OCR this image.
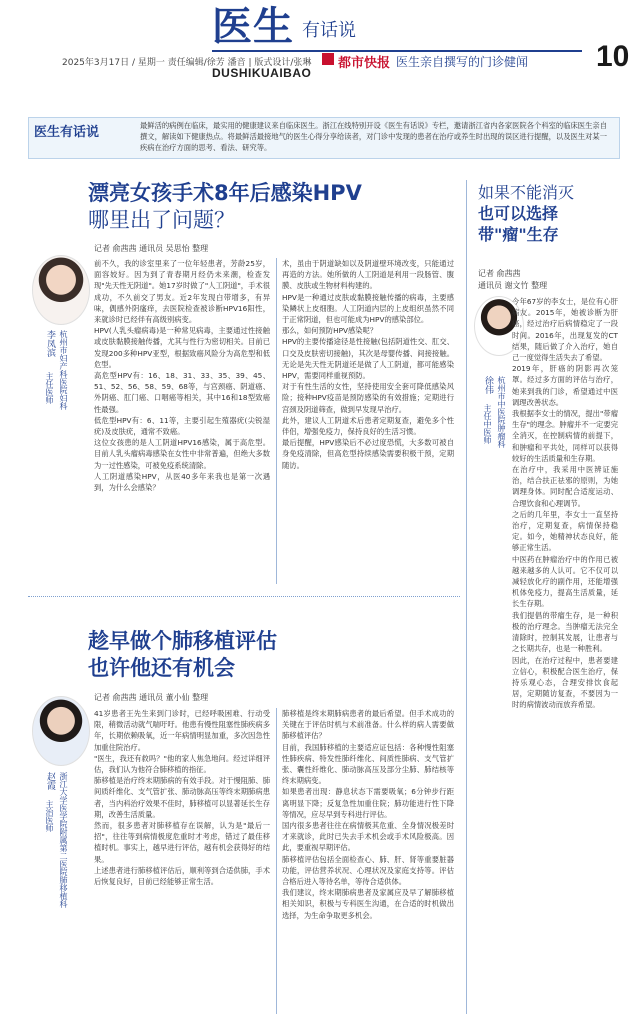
医生 有话说
2025年3月17日 / 星期一 责任编辑/徐芳 潘音 | 版式设计/张琳
DUSHIKUAIBAO
都市快报 医生亲自撰写的门诊健闻 10
医生有话说	最鲜活的病例在临床，最实用的健康建议来自临床医生。浙江在线特别开设《医生有话说》专栏，邀请浙江省内各家医院各个科室的临床医生亲自撰文，解读如下健康热点。将最鲜活最接地气的医生心得分享给读者，对门诊中发现的患者在治疗或养生时出现的误区进行提醒，以及医生对某一疾病在治疗方面的思考、看法、研究等。
漂亮女孩手术8年后感染HPV
哪里出了问题？
记者 俞茜茜 通讯员 吴思怡 整理
李凤滨
主任医师 杭州市妇产科医院妇科
前不久，我的诊室里来了一位年轻患者，芳龄25岁，面容姣好。因为到了青春期月经仍未来潮，检查发现"先天性无阴道"。她17岁时做了"人工阴道"，手术很成功，不久前交了男友。近2年发现白带增多，有异味，偶感外阴瘙痒，去医院检查被诊断HPV16阳性，来就诊时已经伴有高级别病变。
HPV(人乳头瘤病毒)是一种常见病毒，主要通过性接触或皮肤黏膜接触传播，尤其与性行为密切相关。目前已发现200多种HPV亚型，根据致癌风险分为高危型和低危型。
高危型HPV有：16、18、31、33、35、39、45、51、52、56、58、59、68等，与宫颈癌、阴道癌、外阴癌、肛门癌、口咽癌等相关，其中16和18型致癌性最强。
低危型HPV有：6、11等，主要引起生殖器疣(尖锐湿疣)及皮肤疣，通常不致癌。
这位女孩患的是人工阴道HPV16感染，属于高危型。目前人乳头瘤病毒感染在女性中非常普遍，但绝大多数为一过性感染，可被免疫系统清除。
人工阴道感染HPV，从医40多年来我也是第一次遇到，为什么会感染？
术，虽由于阴道缺如以及阴道壁环境改变，只能通过再造的方法。她所做的人工阴道是利用一段肠管、腹膜、皮肤或生物材料构建的。
HPV是一种通过皮肤或黏膜接触传播的病毒，主要感染鳞状上皮细胞。人工阴道内层的上皮组织虽然不同于正常阴道，但也可能成为HPV的感染部位。
那么，如何预防HPV感染呢？
HPV的主要传播途径是性接触(包括阴道性交、肛交、口交及皮肤密切接触)，其次是母婴传播、间接接触。无论是先天性无阴道还是做了人工阴道，都可能感染HPV，需要同样重视预防。
对于有性生活的女性，坚持使用安全套可降低感染风险；接种HPV疫苗是预防感染的有效措施；定期进行宫颈及阴道筛查，做到早发现早治疗。
此外，建议人工阴道术后患者定期复查，避免多个性伴侣，增强免疫力，保持良好的生活习惯。
最后提醒，HPV感染后不必过度恐慌，大多数可被自身免疫清除，但高危型持续感染需要积极干预，定期随访。
趁早做个肺移植评估
也许他还有机会
记者 俞茜茜 通讯员 董小仙 整理
赵霞
主治医师 浙江大学医学院附属第二医院肺移植科
41岁患者王先生来到门诊时，已经呼吸困难、行动受限，稍微活动就气喘吁吁。他患有慢性阻塞性肺疾病多年，长期依赖吸氧，近一年病情明显加重，多次因急性加重住院治疗。
"医生，我还有救吗？"他的家人焦急地问。经过详细评估，我们认为他符合肺移植的指征。
肺移植是治疗终末期肺病的有效手段。对于慢阻肺、肺间质纤维化、支气管扩张、肺动脉高压等终末期肺病患者，当内科治疗效果不佳时，肺移植可以显著延长生存期，改善生活质量。
然而，很多患者对肺移植存在误解，认为是"最后一招"，往往等到病情极度危重时才考虑，错过了最佳移植时机。事实上，越早进行评估，越有机会获得好的结果。
上述患者进行肺移植评估后，顺利等到合适供肺，手术后恢复良好，目前已经能够正常生活。
肺移植是终末期肺病患者的最后希望。但手术成功的关键在于评估时机与术前准备。什么样的病人需要做肺移植评估？
目前，我国肺移植的主要适应证包括：各种慢性阻塞性肺疾病、特发性肺纤维化、间质性肺病、支气管扩张、囊性纤维化、肺动脉高压及部分尘肺、肺结核等终末期病变。
如果患者出现：静息状态下需要吸氧；6分钟步行距离明显下降；反复急性加重住院；肺功能进行性下降等情况，应尽早到专科进行评估。
国内很多患者往往在病情极其危重、全身情况极差时才来就诊，此时已失去手术机会或手术风险极高。因此，要重视早期评估。
肺移植评估包括全面检查心、肺、肝、肾等重要脏器功能，评估营养状况、心理状况及家庭支持等。评估合格后进入等待名单，等待合适供体。
我们建议，终末期肺病患者及家属应及早了解肺移植相关知识，积极与专科医生沟通，在合适的时机做出选择，为生命争取更多机会。
如果不能消灭
也可以选择
带"瘤"生存
记者 俞茜茜
通讯员 谢文竹 整理
徐伟
主任中医师 杭州市中医院肿瘤科
今年67岁的李女士，是位有心肝病友。2015年，她被诊断为肝癌，经过治疗后病情稳定了一段时间。2016年，出现复发的CT结果，随后做了介入治疗，她自己一度觉得生活失去了希望。
2019年，肝癌的阴影再次笼罩。经过多方面的评估与治疗，她来到我的门诊，希望通过中医调理改善状态。
我根据李女士的情况，提出"带瘤生存"的理念。肿瘤并不一定要完全消灭，在控制病情的前提下，和肿瘤和平共处，同样可以获得较好的生活质量和生存期。
在治疗中，我采用中医辨证施治，结合扶正祛邪的原则，为她调理身体。同时配合适度运动、合理饮食和心理调节。
之后的几年里，李女士一直坚持治疗，定期复查，病情保持稳定。如今，她精神状态良好，能够正常生活。
中医药在肿瘤治疗中的作用已被越来越多的人认可。它不仅可以减轻放化疗的副作用，还能增强机体免疫力，提高生活质量，延长生存期。
我们提倡的带瘤生存，是一种积极的治疗理念。当肿瘤无法完全清除时，控制其发展，让患者与之长期共存，也是一种胜利。
因此，在治疗过程中，患者要建立信心，积极配合医生治疗，保持乐观心态，合理安排饮食起居，定期随访复查，不要因为一时的病情波动而放弃希望。
